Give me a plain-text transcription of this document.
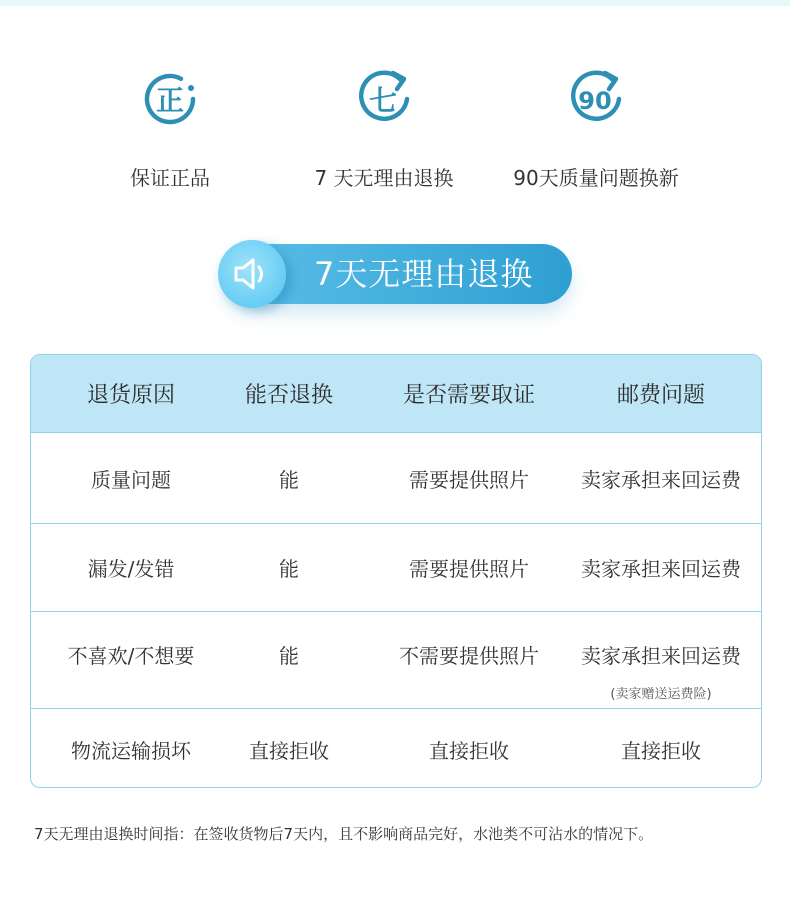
正
保证正品
七
7 天无理由退换
90
90天质量问题换新
7天无理由退换
退货原因	能否退换	是否需要取证	邮费问题
质量问题	能	需要提供照片	卖家承担来回运费
漏发/发错	能	需要提供照片	卖家承担来回运费
不喜欢/不想要	能	不需要提供照片	卖家承担来回运费
(卖家赠送运费险)
物流运输损坏	直接拒收	直接拒收	直接拒收
7天无理由退换时间指：在签收货物后7天内，且不影响商品完好，水池类不可沾水的情况下。
